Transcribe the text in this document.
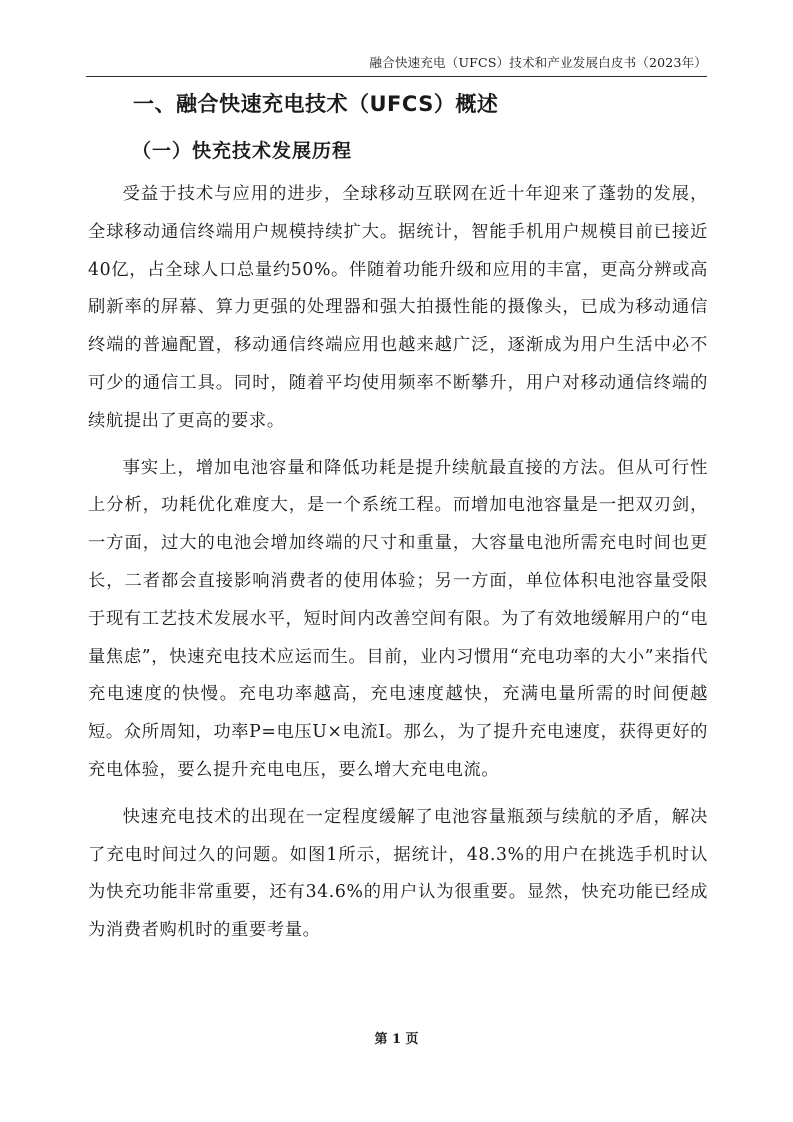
融合快速充电（UFCS）技术和产业发展白皮书（2023年）
一、融合快速充电技术（UFCS）概述
（一）快充技术发展历程

受益于技术与应用的进步，全球移动互联网在近十年迎来了蓬勃的发展，全球移动通信终端用户规模持续扩大。据统计，智能手机用户规模目前已接近40亿，占全球人口总量约50%。伴随着功能升级和应用的丰富，更高分辨或高刷新率的屏幕、算力更强的处理器和强大拍摄性能的摄像头，已成为移动通信终端的普遍配置，移动通信终端应用也越来越广泛，逐渐成为用户生活中必不可少的通信工具。同时，随着平均使用频率不断攀升，用户对移动通信终端的续航提出了更高的要求。

事实上，增加电池容量和降低功耗是提升续航最直接的方法。但从可行性上分析，功耗优化难度大，是一个系统工程。而增加电池容量是一把双刃剑，一方面，过大的电池会增加终端的尺寸和重量，大容量电池所需充电时间也更长，二者都会直接影响消费者的使用体验；另一方面，单位体积电池容量受限于现有工艺技术发展水平，短时间内改善空间有限。为了有效地缓解用户的“电量焦虑”，快速充电技术应运而生。目前，业内习惯用“充电功率的大小”来指代充电速度的快慢。充电功率越高，充电速度越快，充满电量所需的时间便越短。众所周知，功率P=电压U×电流I。那么，为了提升充电速度，获得更好的充电体验，要么提升充电电压，要么增大充电电流。

快速充电技术的出现在一定程度缓解了电池容量瓶颈与续航的矛盾，解决了充电时间过久的问题。如图1所示，据统计，48.3%的用户在挑选手机时认为快充功能非常重要，还有34.6%的用户认为很重要。显然，快充功能已经成为消费者购机时的重要考量。

第 1 页
